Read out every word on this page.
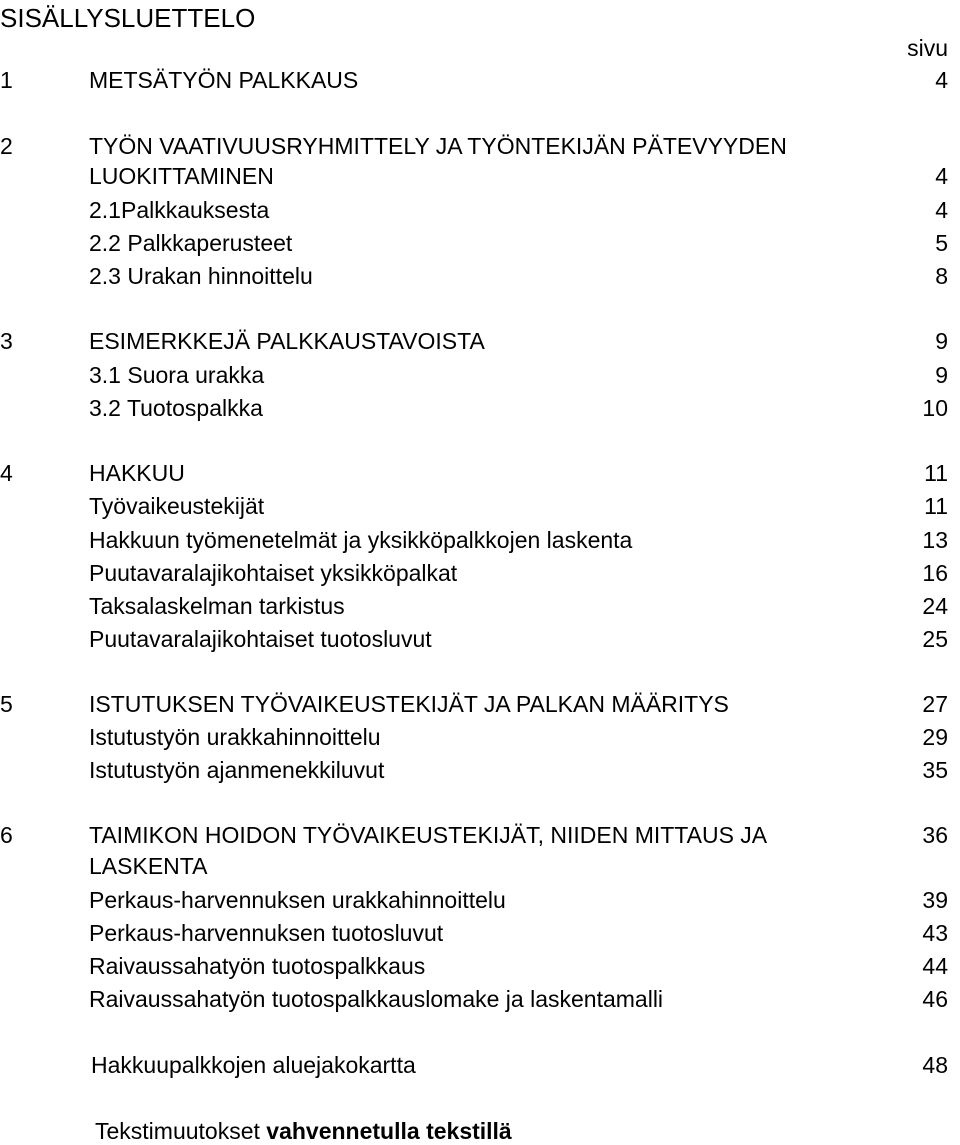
SISÄLLYSLUETTELO
sivu
1	METSÄTYÖN PALKKAUS	4
2	TYÖN VAATIVUUSRYHMITTELY JA TYÖNTEKIJÄN PÄTEVYYDEN
LUOKITTAMINEN	4
2.1Palkkauksesta	4
2.2 Palkkaperusteet	5
2.3 Urakan hinnoittelu	8
3	ESIMERKKEJÄ PALKKAUSTAVOISTA	9
3.1 Suora urakka	9
3.2 Tuotospalkka	10
4	HAKKUU	11
Työvaikeustekijät	11
Hakkuun työmenetelmät ja yksikköpalkkojen laskenta	13
Puutavaralajikohtaiset yksikköpalkat	16
Taksalaskelman tarkistus	24
Puutavaralajikohtaiset tuotosluvut	25
5	ISTUTUKSEN TYÖVAIKEUSTEKIJÄT JA PALKAN MÄÄRITYS	27
Istutustyön urakkahinnoittelu	29
Istutustyön ajanmenekkiluvut	35
6	TAIMIKON HOIDON TYÖVAIKEUSTEKIJÄT, NIIDEN MITTAUS JA	36
LASKENTA
Perkaus-harvennuksen urakkahinnoittelu	39
Perkaus-harvennuksen tuotosluvut	43
Raivaussahatyön tuotospalkkaus	44
Raivaussahatyön tuotospalkkauslomake ja laskentamalli	46
Hakkuupalkkojen aluejakokartta	48
Tekstimuutokset vahvennetulla tekstillä
